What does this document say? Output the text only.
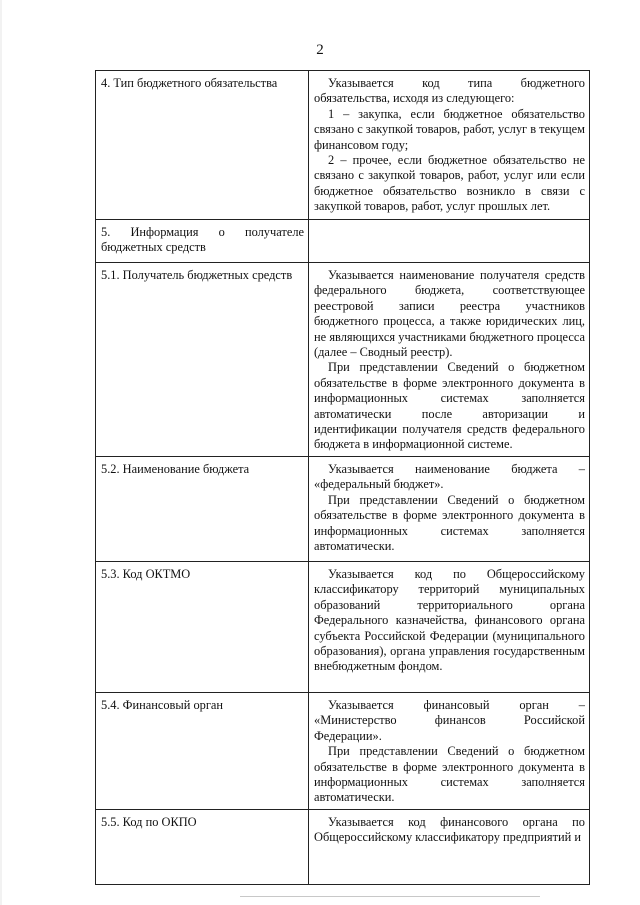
2
4. Тип бюджетного обязательства	Указывается код типа бюджетного обязательства, исходя из следующего:

1 – закупка, если бюджетное обязательство связано с закупкой товаров, работ, услуг в текущем финансовом году;

2 – прочее, если бюджетное обязательство не связано с закупкой товаров, работ, услуг или если бюджетное обязательство возникло в связи с закупкой товаров, работ, услуг прошлых лет.

5. Информация о получателе бюджетных средств	
5.1. Получатель бюджетных средств	Указывается наименование получателя средств федерального бюджета, соответствующее реестровой записи реестра участников бюджетного процесса, а также юридических лиц, не являющихся участниками бюджетного процесса (далее – Сводный реестр).

При представлении Сведений о бюджетном обязательстве в форме электронного документа в информационных системах заполняется автоматически после авторизации и идентификации получателя средств федерального бюджета в информационной системе.

5.2. Наименование бюджета	Указывается наименование бюджета – «федеральный бюджет».

При представлении Сведений о бюджетном обязательстве в форме электронного документа в информационных системах заполняется автоматически.

5.3. Код ОКТМО	Указывается код по Общероссийскому классификатору территорий муниципальных образований территориального органа Федерального казначейства, финансового органа субъекта Российской Федерации (муниципального образования), органа управления государственным внебюджетным фондом.

5.4. Финансовый орган	Указывается финансовый орган – «Министерство финансов Российской Федерации».

При представлении Сведений о бюджетном обязательстве в форме электронного документа в информационных системах заполняется автоматически.

5.5. Код по ОКПО	Указывается код финансового органа по Общероссийскому классификатору предприятий и
